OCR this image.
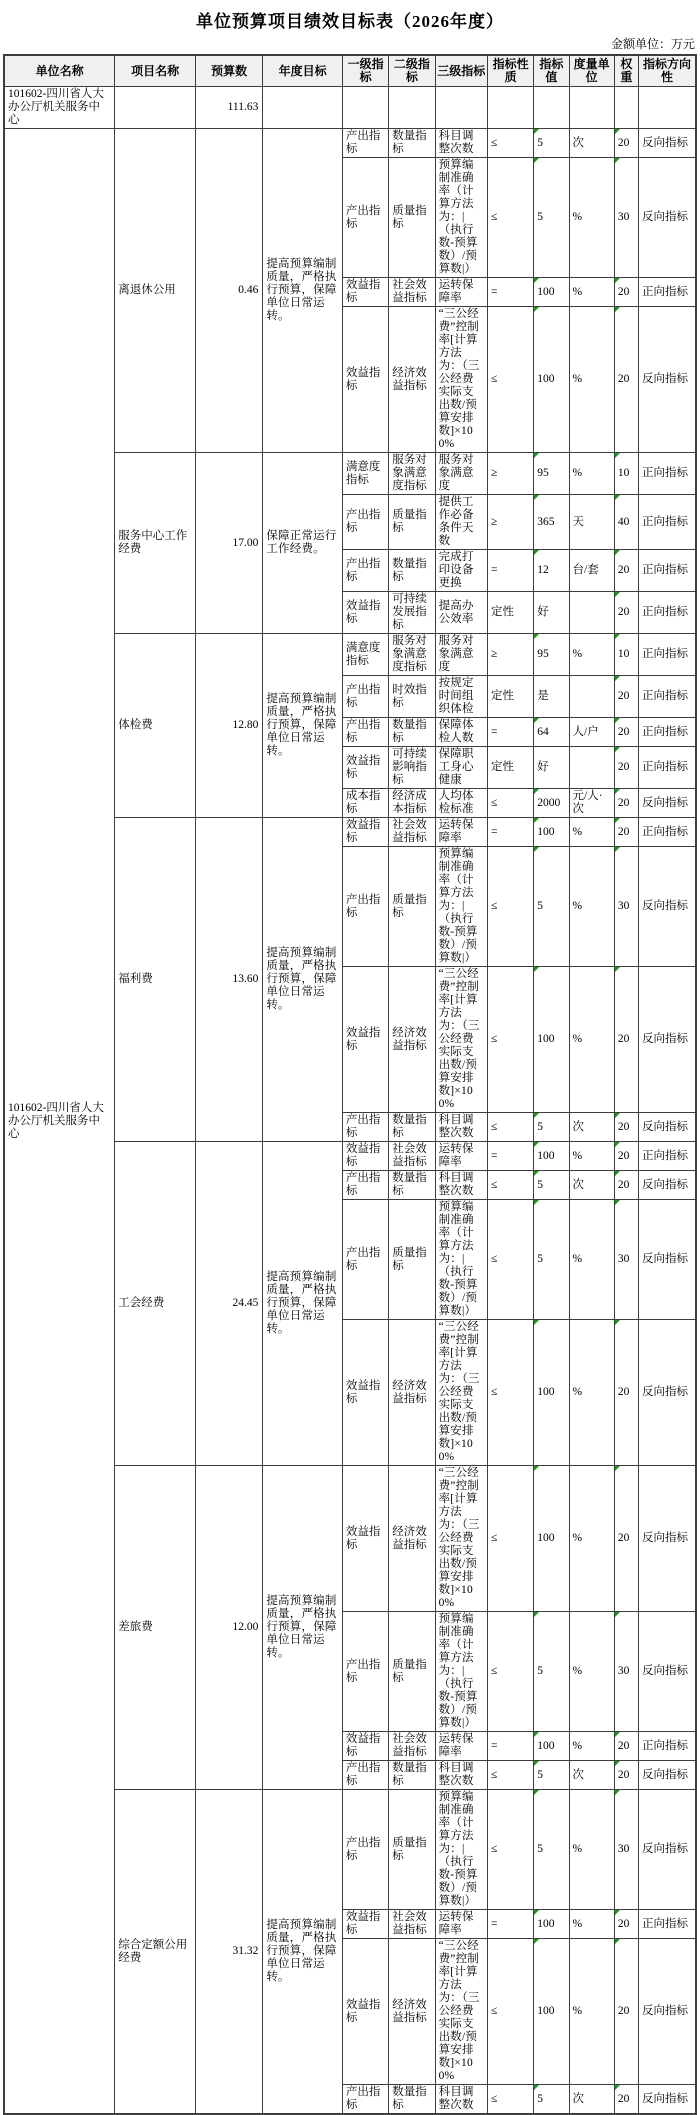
单位预算项目绩效目标表（2026年度）
金额单位：万元
单位名称	项目名称	预算数	年度目标	一级指标	二级指标	三级指标	指标性质	指标值	度量单位	权重	指标方向性
101602-四川省人大办公厅机关服务中心		111.63									
101602-四川省人大办公厅机关服务中心	离退休公用	0.46	提高预算编制质量，严格执行预算，保障单位日常运转。	产出指标	数量指标	科目调整次数	≤	5	次	20	反向指标
				产出指标	质量指标	预算编制准确率（计算方法为：|（执行数-预算数）/预算数|）	≤	5	%	30	反向指标
				效益指标	社会效益指标	运转保障率	=	100	%	20	正向指标
				效益指标	经济效益指标	“三公经费”控制率[计算方法为：（三公经费实际支出数/预算安排数]×100%	≤	100	%	20	反向指标
	服务中心工作经费	17.00	保障正常运行工作经费。	满意度指标	服务对象满意度指标	服务对象满意度	≥	95	%	10	正向指标
				产出指标	质量指标	提供工作必备条件天数	≥	365	天	40	正向指标
				产出指标	数量指标	完成打印设备更换	=	12	台/套	20	正向指标
				效益指标	可持续发展指标	提高办公效率	定性	好		20	正向指标
	体检费	12.80	提高预算编制质量，严格执行预算，保障单位日常运转。	满意度指标	服务对象满意度指标	服务对象满意度	≥	95	%	10	正向指标
				产出指标	时效指标	按规定时间组织体检	定性	是		20	正向指标
				产出指标	数量指标	保障体检人数	=	64	人/户	20	正向指标
				效益指标	可持续影响指标	保障职工身心健康	定性	好		20	正向指标
				成本指标	经济成本指标	人均体检标准	≤	2000	元/人·次	20	反向指标
	福利费	13.60	提高预算编制质量，严格执行预算，保障单位日常运转。	效益指标	社会效益指标	运转保障率	=	100	%	20	正向指标
				产出指标	质量指标	预算编制准确率（计算方法为：|（执行数-预算数）/预算数|）	≤	5	%	30	反向指标
				效益指标	经济效益指标	“三公经费”控制率[计算方法为：（三公经费实际支出数/预算安排数]×100%	≤	100	%	20	反向指标
				产出指标	数量指标	科目调整次数	≤	5	次	20	反向指标
	工会经费	24.45	提高预算编制质量，严格执行预算，保障单位日常运转。	效益指标	社会效益指标	运转保障率	=	100	%	20	正向指标
				产出指标	数量指标	科目调整次数	≤	5	次	20	反向指标
				产出指标	质量指标	预算编制准确率（计算方法为：|（执行数-预算数）/预算数|）	≤	5	%	30	反向指标
				效益指标	经济效益指标	“三公经费”控制率[计算方法为：（三公经费实际支出数/预算安排数]×100%	≤	100	%	20	反向指标
	差旅费	12.00	提高预算编制质量，严格执行预算，保障单位日常运转。	效益指标	经济效益指标	“三公经费”控制率[计算方法为：（三公经费实际支出数/预算安排数]×100%	≤	100	%	20	反向指标
				产出指标	质量指标	预算编制准确率（计算方法为：|（执行数-预算数）/预算数|）	≤	5	%	30	反向指标
				效益指标	社会效益指标	运转保障率	=	100	%	20	正向指标
				产出指标	数量指标	科目调整次数	≤	5	次	20	反向指标
	综合定额公用经费	31.32	提高预算编制质量，严格执行预算，保障单位日常运转。	产出指标	质量指标	预算编制准确率（计算方法为：|（执行数-预算数）/预算数|）	≤	5	%	30	反向指标
				效益指标	社会效益指标	运转保障率	=	100	%	20	正向指标
				效益指标	经济效益指标	“三公经费”控制率[计算方法为：（三公经费实际支出数/预算安排数]×100%	≤	100	%	20	反向指标
				产出指标	数量指标	科目调整次数	≤	5	次	20	反向指标
